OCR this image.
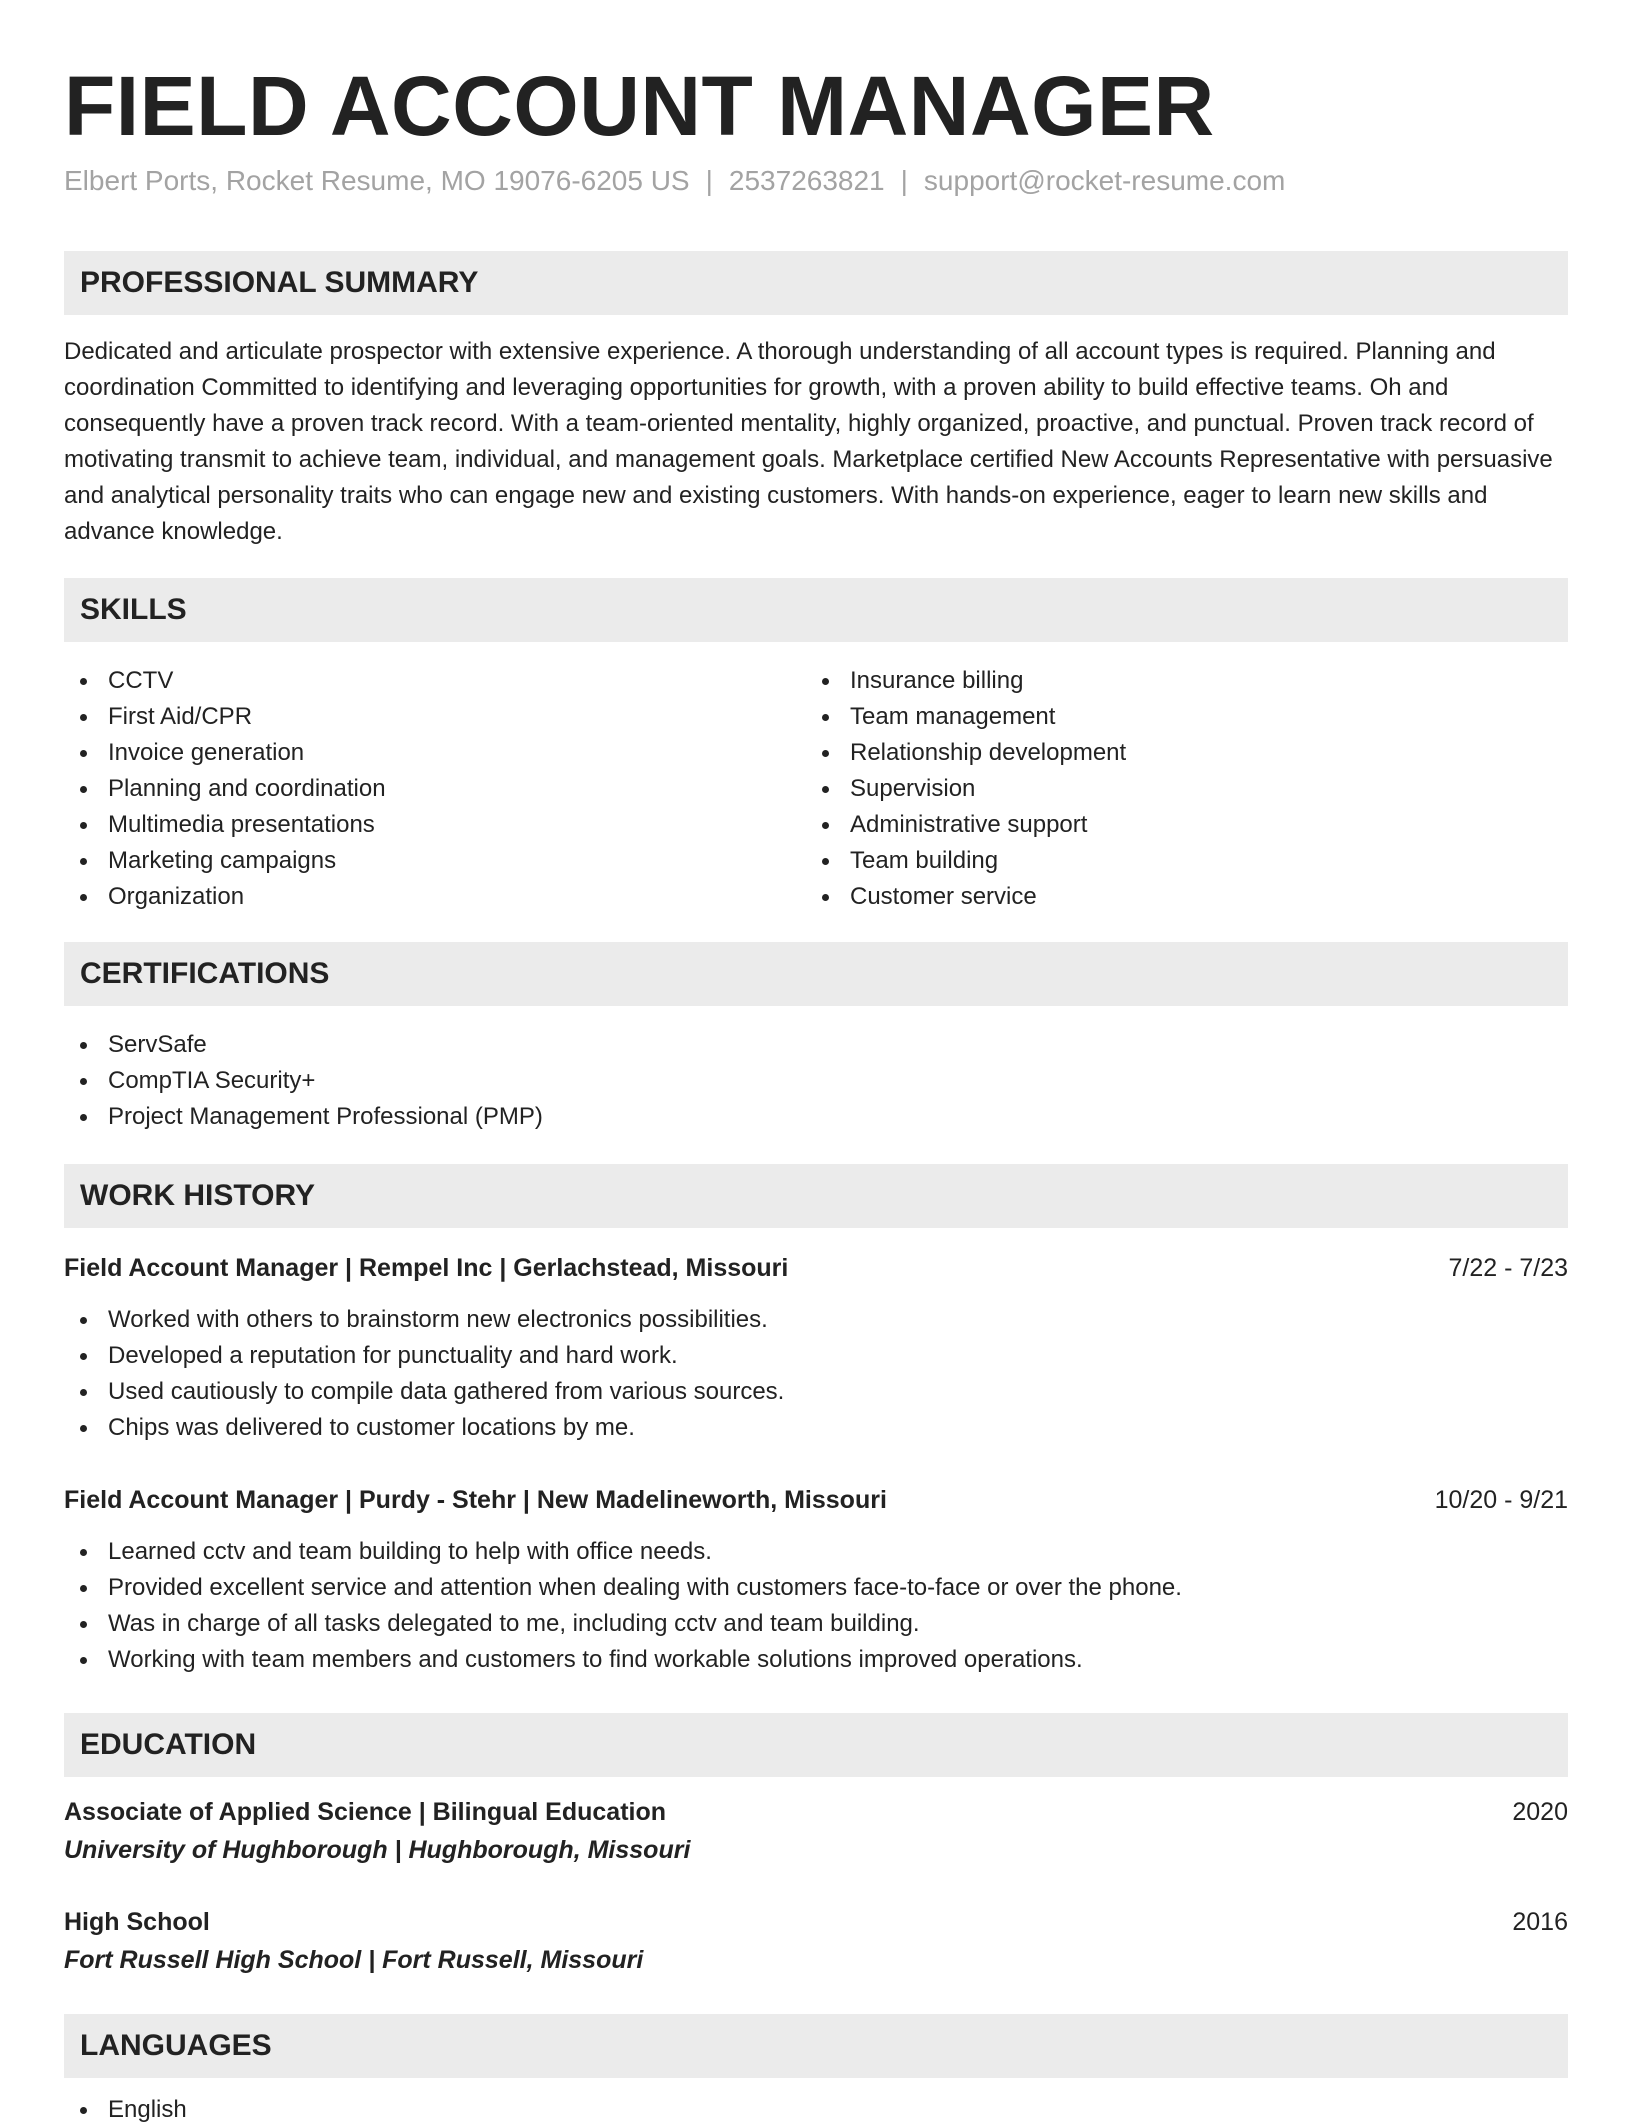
FIELD ACCOUNT MANAGER
Elbert Ports, Rocket Resume, MO 19076-6205 US | 2537263821 | support@rocket-resume.com
PROFESSIONAL SUMMARY

Dedicated and articulate prospector with extensive experience. A thorough understanding of all account types is required. Planning and coordination Committed to identifying and leveraging opportunities for growth, with a proven ability to build effective teams. Oh and consequently have a proven track record. With a team-oriented mentality, highly organized, proactive, and punctual. Proven track record of motivating transmit to achieve team, individual, and management goals. Marketplace certified New Accounts Representative with persuasive and analytical personality traits who can engage new and existing customers. With hands-on experience, eager to learn new skills and advance knowledge.

SKILLS
CCTV
First Aid/CPR
Invoice generation
Planning and coordination
Multimedia presentations
Marketing campaigns
Organization
Insurance billing
Team management
Relationship development
Supervision
Administrative support
Team building
Customer service
CERTIFICATIONS
ServSafe
CompTIA Security+
Project Management Professional (PMP)
WORK HISTORY
Field Account Manager | Rempel Inc | Gerlachstead, Missouri	7/22 - 7/23
Worked with others to brainstorm new electronics possibilities.
Developed a reputation for punctuality and hard work.
Used cautiously to compile data gathered from various sources.
Chips was delivered to customer locations by me.
Field Account Manager | Purdy - Stehr | New Madelineworth, Missouri	10/20 - 9/21
Learned cctv and team building to help with office needs.
Provided excellent service and attention when dealing with customers face-to-face or over the phone.
Was in charge of all tasks delegated to me, including cctv and team building.
Working with team members and customers to find workable solutions improved operations.
EDUCATION
Associate of Applied Science | Bilingual Education	2020
University of Hughborough | Hughborough, Missouri
High School	2016
Fort Russell High School | Fort Russell, Missouri
LANGUAGES
English
